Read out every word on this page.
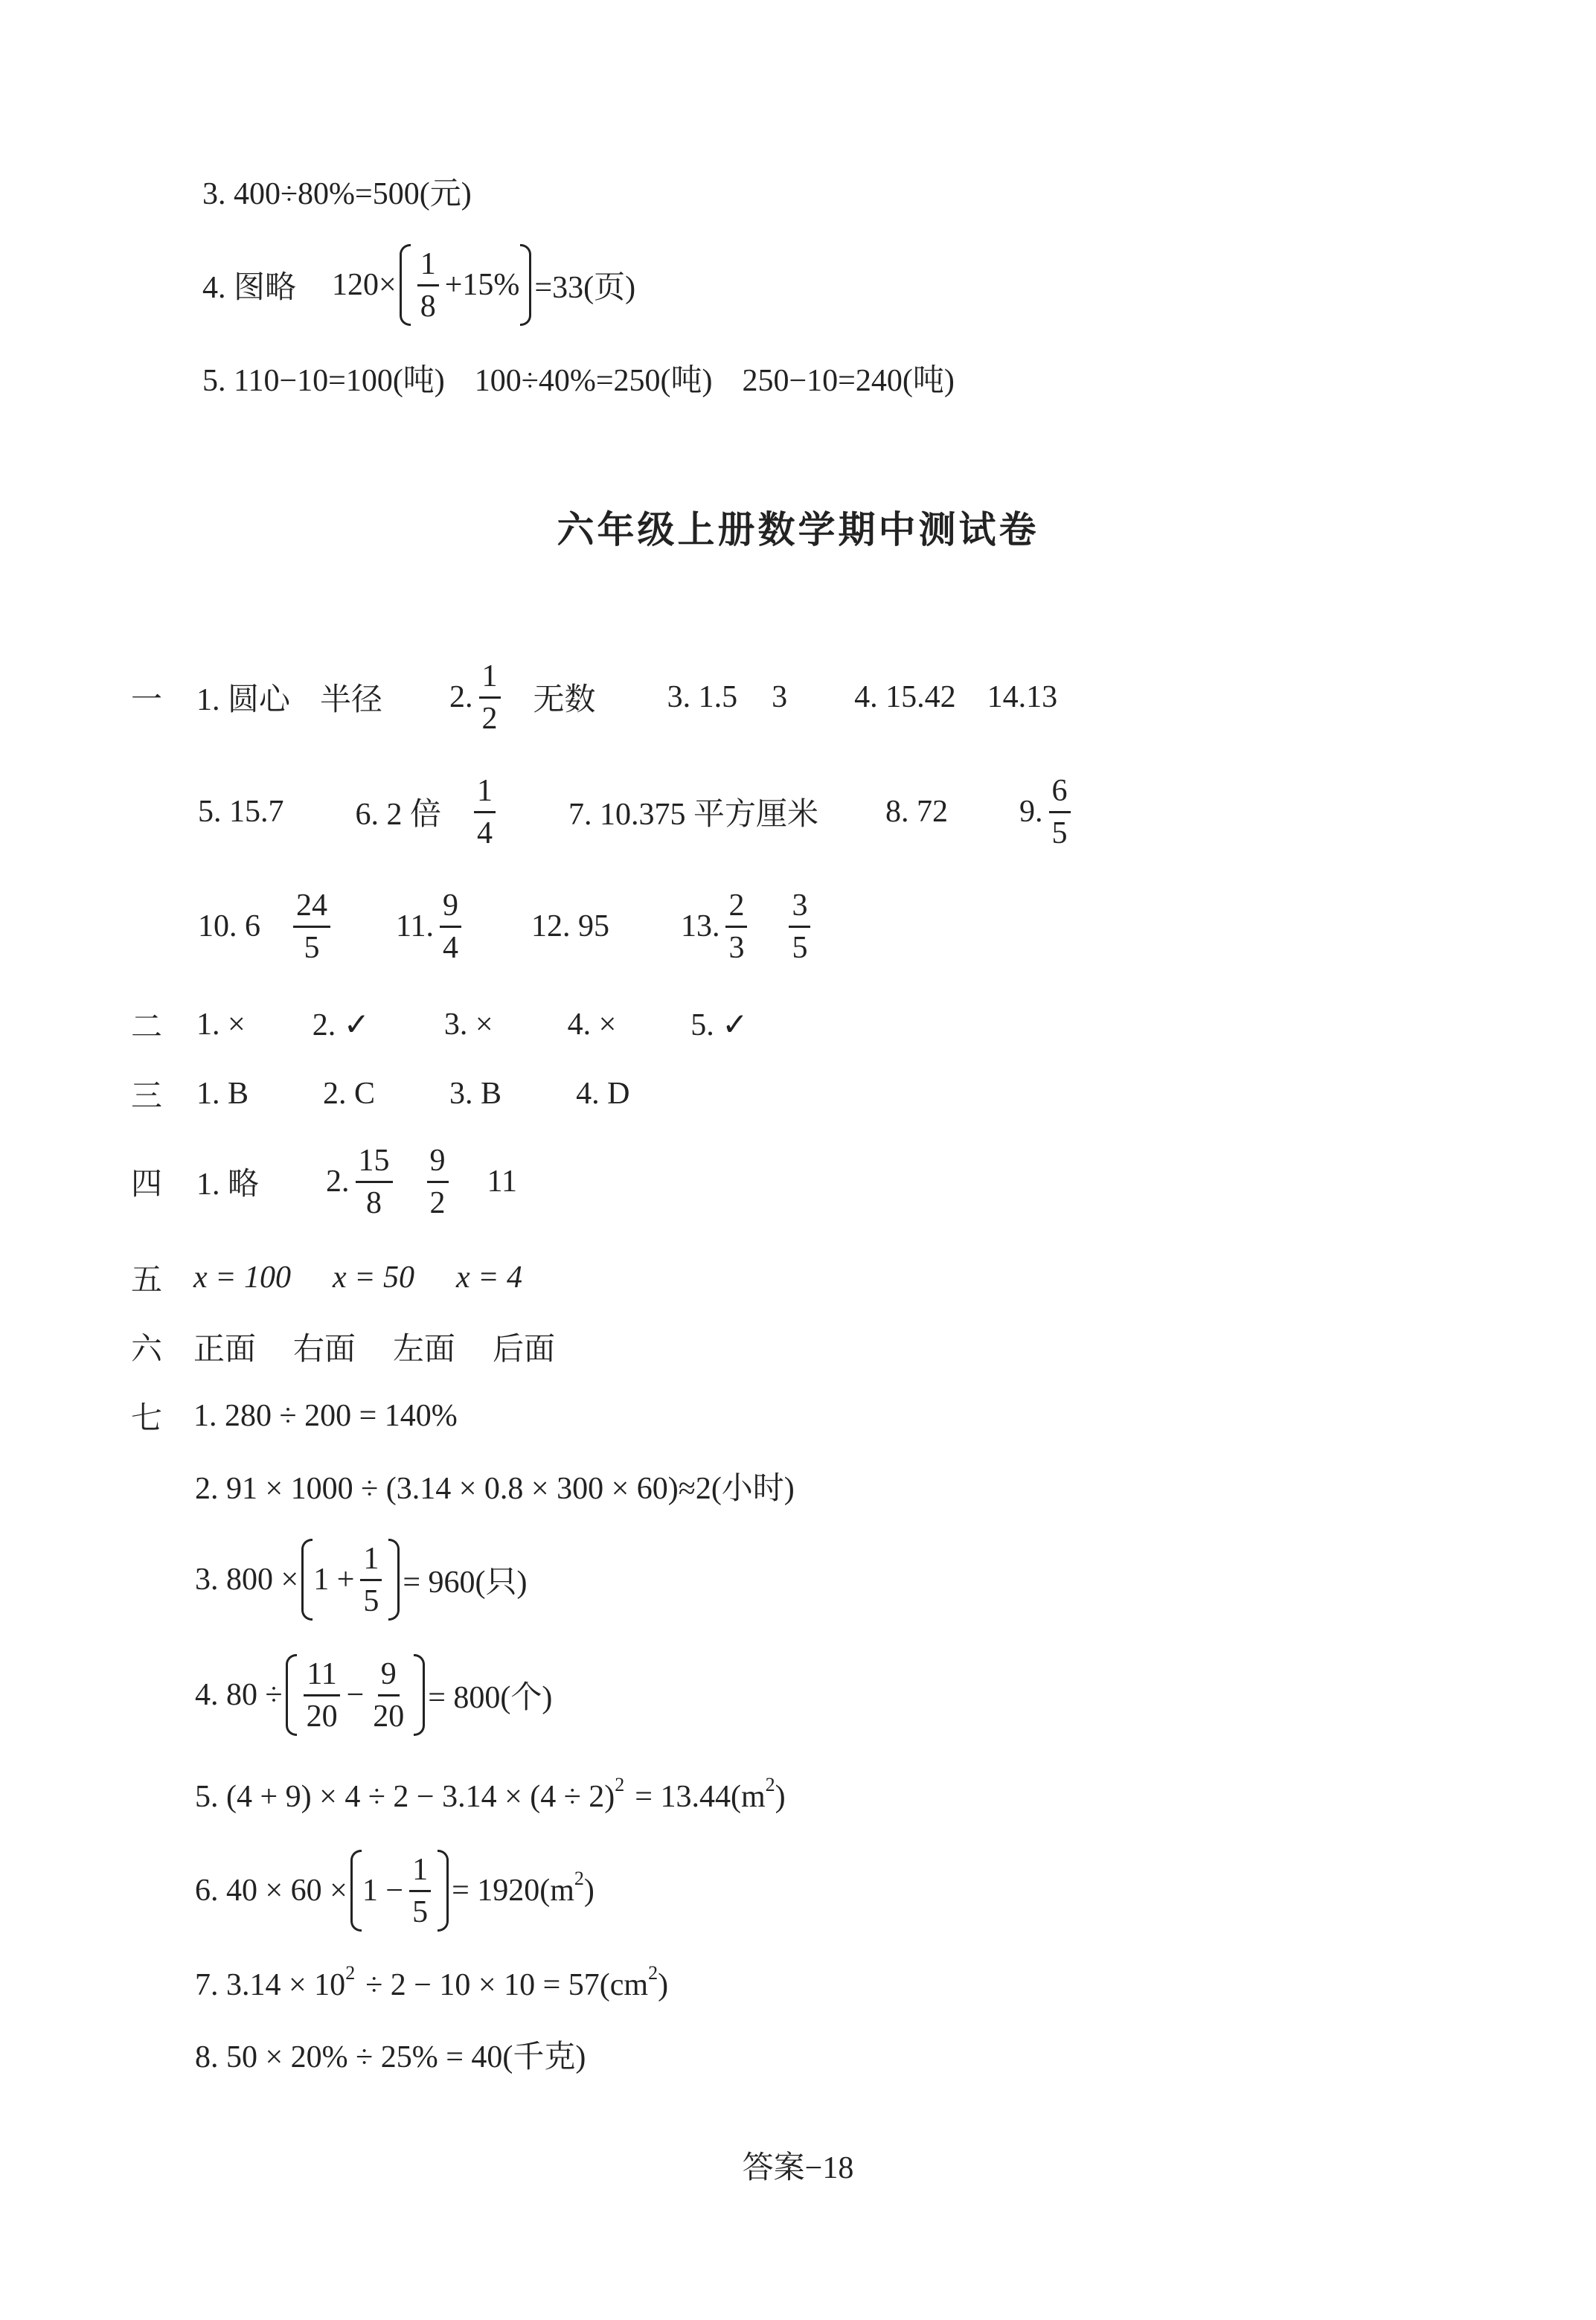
3. 400÷80%=500(元)
4. 图略 $120\times \frac{1}{8} +15\% =33$(页)
5. 110−10=100(吨) 100÷40%=250(吨) 250−10=240(吨)
六年级上册数学期中测试卷
一 1. 圆心 半径 2. $\frac{1}{2}$ 无数 3. 1.5 3 4. 15.42 14.13
5. 15.7 6. 2 倍 $\frac{1}{4} 7$. 10.375 平方厘米 8. 72 9. $\frac{6}{5}$
10. $6 \frac{24}{5} 11$. $\frac{9}{4} 12$. 95 13. $\frac{2}{3} \frac{3}{5}$
二 1. × 2. ✓ 3. × 4. × 5. ✓
三 1. B 2. C 3. B 4. D
四 1. 略 2. $\frac{15}{8} \frac{9}{2} 11$
五 x = 100 x = 50 x = 4
六 正面 右面 左面 后面
七 1. 280 ÷ 200 = 140%
2. 91 × 1000 ÷ (3.14 × 0.8 × 300 × 60)≈2(小时)
3. $800 \times 1 + \frac{1}{5} = 960$(只)
4. $80 \div \frac{11}{20} - \frac{9}{20} = 800$(个)
5. (4 + 9) × 4 ÷ 2 − 3.14 × (4 ÷ 2) 2 = 13.44(m 2 )
6. $40 \times 60 \times 1 - \frac{1}{5} = 1920(m$ 2 )
7. 3.14 × 10 2 ÷ 2 − 10 × 10 = 57(cm 2 )
8. 50 × 20% ÷ 25% = 40(千克)
答案−18
